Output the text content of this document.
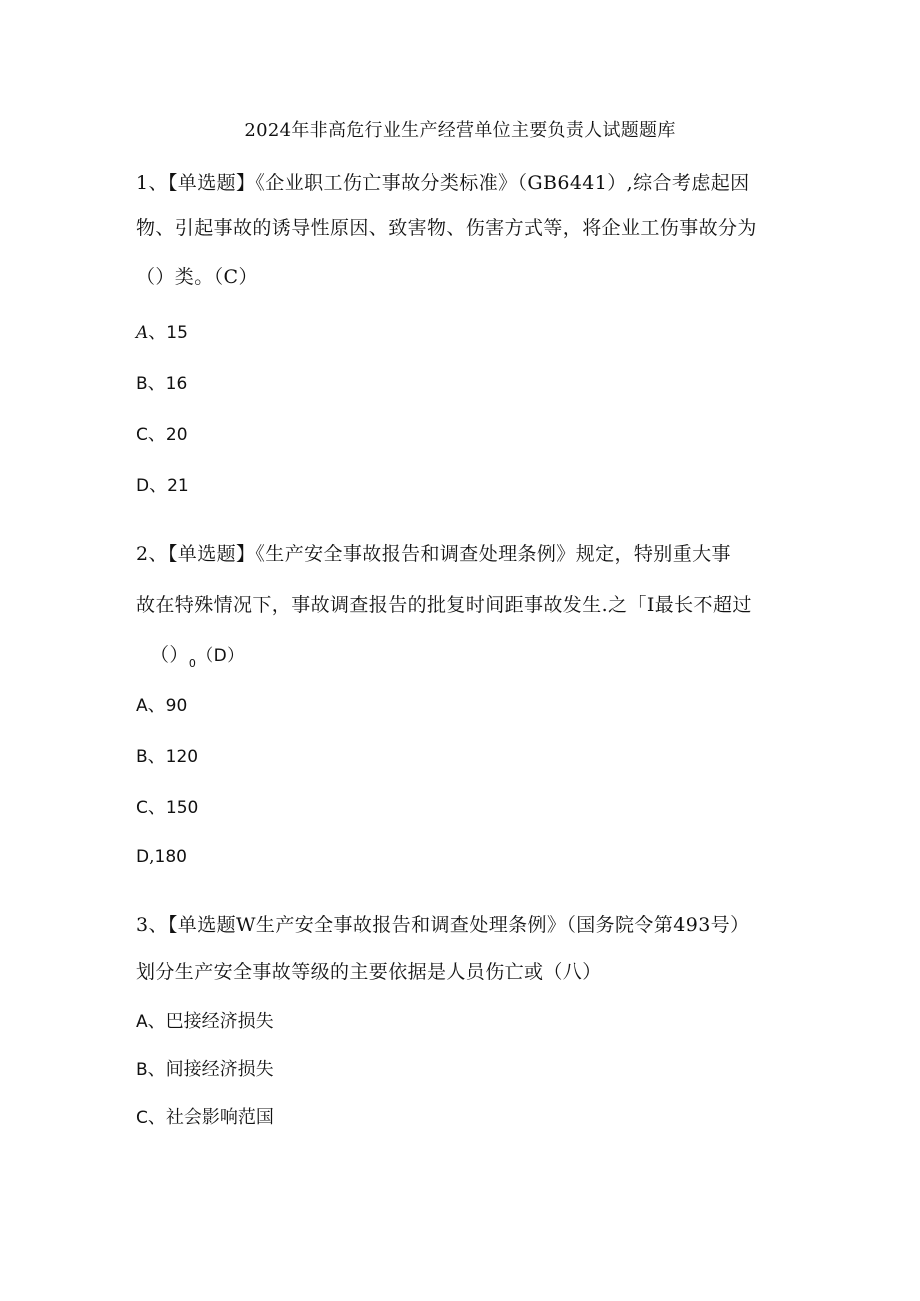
2024年非高危行业生产经营单位主要负责人试题题库
1、【单选题】《企业职工伤亡事故分类标准》（GB6441）,综合考虑起因
物、引起事故的诱导性原因、致害物、伤害方式等，将企业工伤事故分为
（）类。（C）
A、15
B、16
C、20
D、21
2、【单选题】《生产安全事故报告和调查处理条例》规定，特别重大事
故在特殊情况下，事故调查报告的批复时间距事故发生.之「I最长不超过
$()_0(D)$
A、90
B、120
C、150
D,180
3、【单选题W生产安全事故报告和调查处理条例》（国务院令第493号）
划分生产安全事故等级的主要依据是人员伤亡或（八）
A、巴接经济损失
B、间接经济损失
C、社会影响范国
